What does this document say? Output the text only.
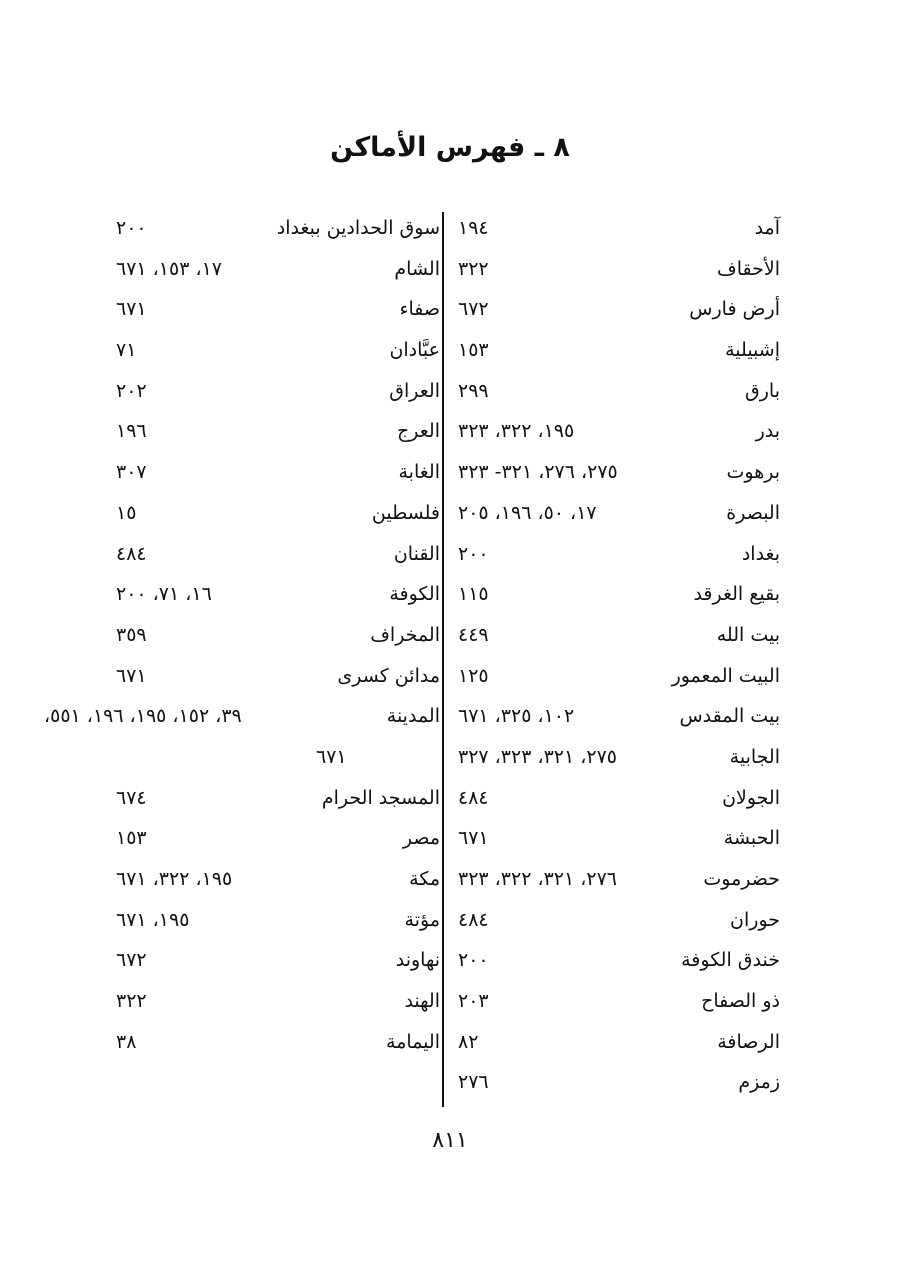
٨ ـ فهرس الأماكن
آمد
١٩٤
الأحقاف
٣٢٢
أرض فارس
٦٧٢
إشبيلية
١٥٣
بارق
٢٩٩
بدر
١٩٥، ٣٢٢، ٣٢٣
برهوت
٢٧٥، ٢٧٦، ٣٢١- ٣٢٣
البصرة
١٧، ٥٠، ١٩٦، ٢٠٥
بغداد
٢٠٠
بقيع الغرقد
١١٥
بيت الله
٤٤٩
البيت المعمور
١٢٥
بيت المقدس
١٠٢، ٣٢٥، ٦٧١
الجابية
٢٧٥، ٣٢١، ٣٢٣، ٣٢٧
الجولان
٤٨٤
الحبشة
٦٧١
حضرموت
٢٧٦، ٣٢١، ٣٢٢، ٣٢٣
حوران
٤٨٤
خندق الكوفة
٢٠٠
ذو الصفاح
٢٠٣
الرصافة
٨٢
زمزم
٢٧٦
سوق الحدادين ببغداد
٢٠٠
الشام
١٧، ١٥٣، ٦٧١
صفاء
٦٧١
عبَّادان
٧١
العراق
٢٠٢
العرج
١٩٦
الغابة
٣٠٧
فلسطين
١٥
القنان
٤٨٤
الكوفة
١٦، ٧١، ٢٠٠
المخراف
٣٥٩
مدائن كسرى
٦٧١
المدينة
٣٩، ١٥٢، ١٩٥، ١٩٦، ٥٥١،
٦٧١
المسجد الحرام
٦٧٤
مصر
١٥٣
مكة
١٩٥، ٣٢٢، ٦٧١
مؤتة
١٩٥، ٦٧١
نهاوند
٦٧٢
الهند
٣٢٢
اليمامة
٣٨
٨١١
